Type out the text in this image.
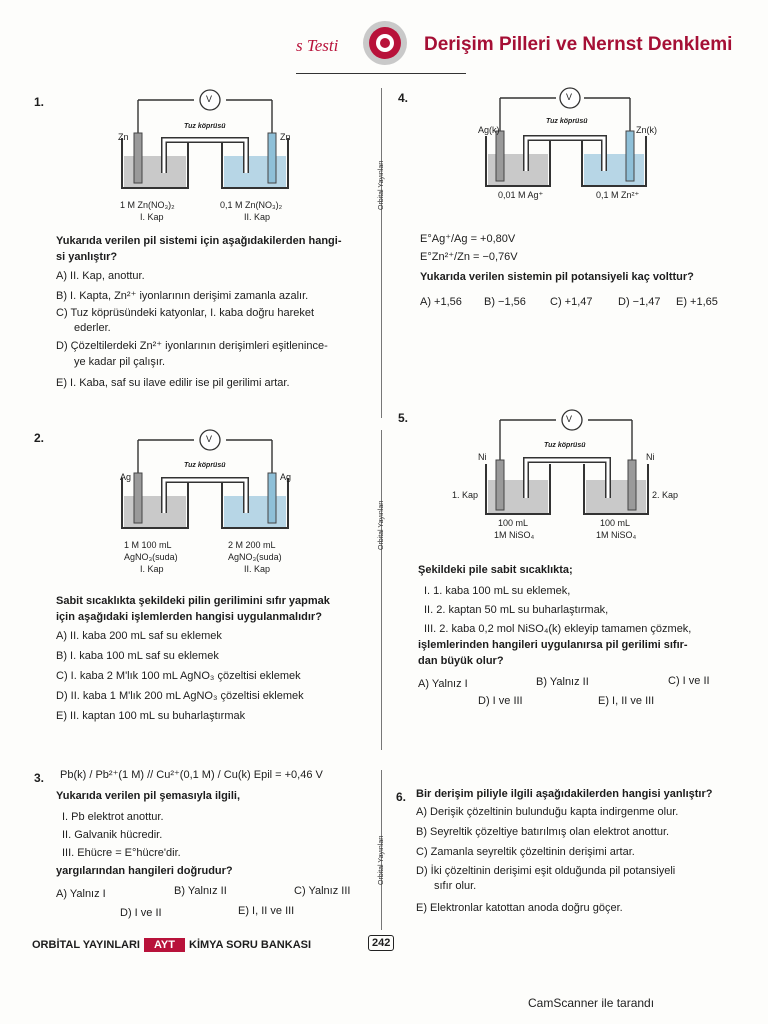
s Testi	Derişim Pilleri ve Nernst Denklemi
Orbital Yayınları
Orbital Yayınları
Orbital Yayınları
1.	V
Tuz köprüsü
Zn	Zn
1 M Zn(NO₃)₂
I. Kap
0,1 M Zn(NO₃)₂
II. Kap
Yukarıda verilen pil sistemi için aşağıdakilerden hangi-
si yanlıştır?
A) II. Kap, anottur.
B) I. Kapta, Zn²⁺ iyonlarının derişimi zamanla azalır.
C) Tuz köprüsündeki katyonlar, I. kaba doğru hareket
ederler.
D) Çözeltilerdeki Zn²⁺ iyonlarının derişimleri eşitlenince-
ye kadar pil çalışır.
E) I. Kaba, saf su ilave edilir ise pil gerilimi artar.
2.	V
Tuz köprüsü
Ag	Ag
1 M 100 mL
AgNO₃(suda)
I. Kap
2 M 200 mL
AgNO₃(suda)
II. Kap
Sabit sıcaklıkta şekildeki pilin gerilimini sıfır yapmak
için aşağıdaki işlemlerden hangisi uygulanmalıdır?
A) II. kaba 200 mL saf su eklemek
B) I. kaba 100 mL saf su eklemek
C) I. kaba 2 M'lık 100 mL AgNO₃ çözeltisi eklemek
D) II. kaba 1 M'lık 200 mL AgNO₃ çözeltisi eklemek
E) II. kaptan 100 mL su buharlaştırmak
3. Pb(k) / Pb²⁺(1 M) // Cu²⁺(0,1 M) / Cu(k) Epil = +0,46 V
Yukarıda verilen pil şemasıyla ilgili,
I. Pb elektrot anottur.
II. Galvanik hücredir.
III. Ehücre = E°hücre'dir.
yargılarından hangileri doğrudur?
A) Yalnız I	B) Yalnız II	C) Yalnız III
D) I ve II	E) I, II ve III
4.	V
Tuz köprüsü
Ag(k)	Zn(k)
0,01 M Ag⁺	0,1 M Zn²⁺
E°Ag⁺/Ag = +0,80V
E°Zn²⁺/Zn = −0,76V
Yukarıda verilen sistemin pil potansiyeli kaç volttur?
A) +1,56 B) −1,56 C) +1,47 D) −1,47 E) +1,65
5.	V
Tuz köprüsü
Ni	Ni
1. Kap	2. Kap
100 mL
1M NiSO₄
100 mL
1M NiSO₄
Şekildeki pile sabit sıcaklıkta;
I. 1. kaba 100 mL su eklemek,
II. 2. kaptan 50 mL su buharlaştırmak,
III. 2. kaba 0,2 mol NiSO₄(k) ekleyip tamamen çözmek,
işlemlerinden hangileri uygulanırsa pil gerilimi sıfır-
dan büyük olur?
A) Yalnız I	B) Yalnız II	C) I ve II
D) I ve III	E) I, II ve III
6. Bir derişim piliyle ilgili aşağıdakilerden hangisi yanlıştır?
A) Derişik çözeltinin bulunduğu kapta indirgenme olur.
B) Seyreltik çözeltiye batırılmış olan elektrot anottur.
C) Zamanla seyreltik çözeltinin derişimi artar.
D) İki çözeltinin derişimi eşit olduğunda pil potansiyeli
sıfır olur.
E) Elektronlar katottan anoda doğru göçer.
ORBİTAL YAYINLARI	AYT	KİMYA SORU BANKASI	242
CamScanner ile tarandı
